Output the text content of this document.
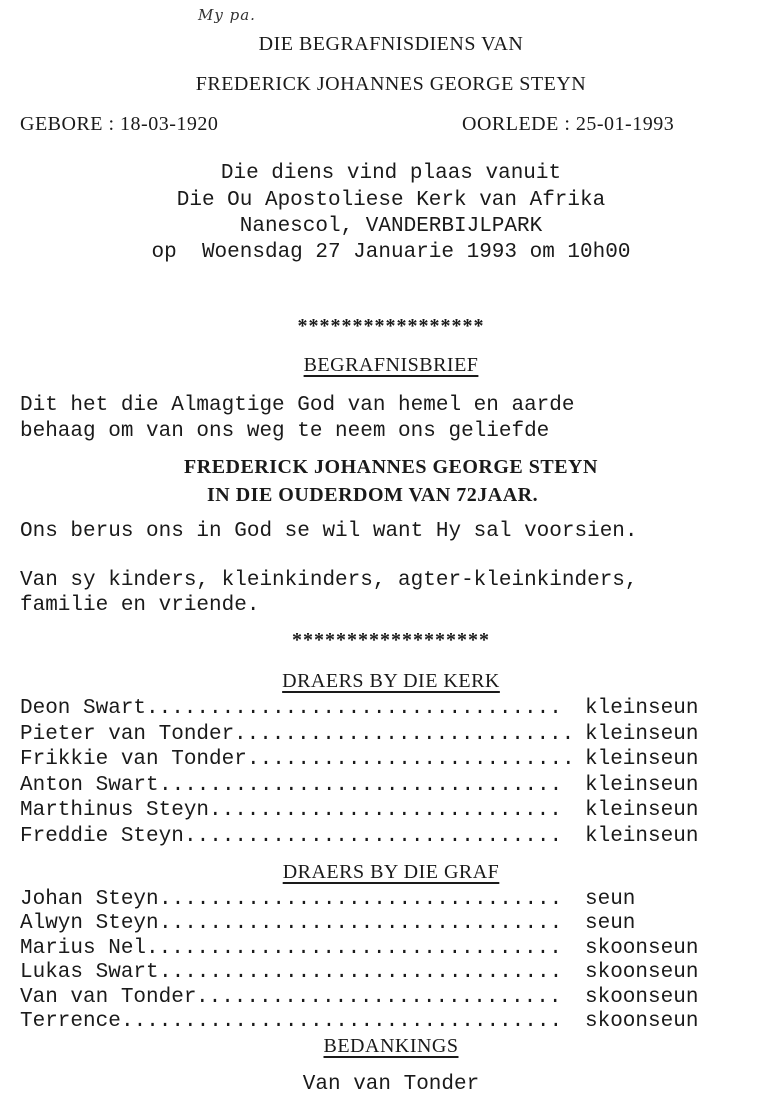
My pa.
DIE BEGRAFNISDIENS VAN
FREDERICK JOHANNES GEORGE STEYN
GEBORE : 18-03-1920	OORLEDE : 25-01-1993
Die diens vind plaas vanuit
Die Ou Apostoliese Kerk van Afrika
Nanescol, VANDERBIJLPARK
op  Woensdag 27 Januarie 1993 om 10h00
*****************
BEGRAFNISBRIEF
Dit het die Almagtige God van hemel en aarde
behaag om van ons weg te neem ons geliefde
FREDERICK JOHANNES GEORGE STEYN
IN DIE OUDERDOM VAN 72JAAR.
Ons berus ons in God se wil want Hy sal voorsien.
Van sy kinders, kleinkinders, agter-kleinkinders,
familie en vriende.
******************
DRAERS BY DIE KERK
Deon Swart ................................. kleinseun
Pieter van Tonder ........................... kleinseun
Frikkie van Tonder .......................... kleinseun
Anton Swart ................................ kleinseun
Marthinus Steyn ............................ kleinseun
Freddie Steyn .............................. kleinseun
DRAERS BY DIE GRAF
Johan Steyn ................................ seun
Alwyn Steyn ................................ seun
Marius Nel ................................. skoonseun
Lukas Swart ................................ skoonseun
Van van Tonder ............................. skoonseun
Terrence ................................... skoonseun
BEDANKINGS
Van van Tonder
